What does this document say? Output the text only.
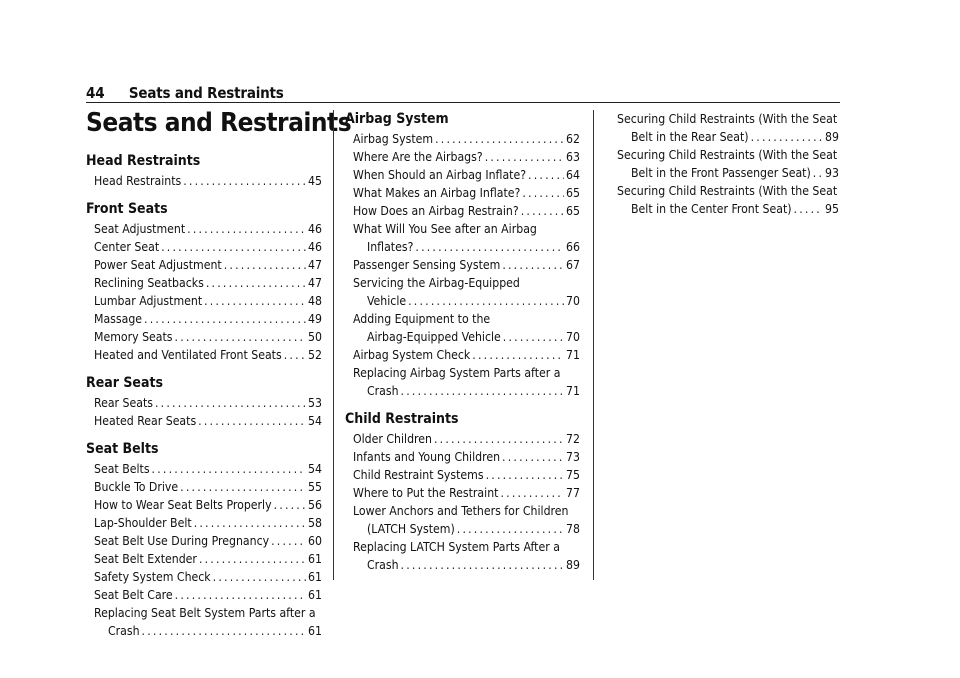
44 Seats and Restraints
Seats and Restraints
Head Restraints
Head Restraints .....	45
Front Seats
Seat Adjustment .....	46
Center Seat .....	46
Power Seat Adjustment .....	47
Reclining Seatbacks .....	47
Lumbar Adjustment .....	48
Massage .....	49
Memory Seats .....	50
Heated and Ventilated Front Seats ..... . 52
Rear Seats
Rear Seats .....	53
Heated Rear Seats .....	54
Seat Belts
Seat Belts .....	54
Buckle To Drive .....	55
How to Wear Seat Belts Properly .....	56
Lap-Shoulder Belt .....	58
Seat Belt Use During Pregnancy .....	60
Seat Belt Extender .....	61
Safety System Check .....	61
Seat Belt Care .....	61
Replacing Seat Belt System Parts after a
Crash .....	61
Airbag System
Airbag System .....	62
Where Are the Airbags? .....	63
When Should an Airbag Inflate? .....	64
What Makes an Airbag Inflate? .....	65
How Does an Airbag Restrain? .....	65
What Will You See after an Airbag
Inflates? .....	66
Passenger Sensing System .....	67
Servicing the Airbag-Equipped
Vehicle .....	70
Adding Equipment to the
Airbag-Equipped Vehicle .....	70
Airbag System Check .....	71
Replacing Airbag System Parts after a
Crash .....	71
Child Restraints
Older Children .....	72
Infants and Young Children .....	73
Child Restraint Systems .....	75
Where to Put the Restraint .....	77
Lower Anchors and Tethers for Children
(LATCH System) .....	78
Replacing LATCH System Parts After a
Crash .....	89
Securing Child Restraints (With the Seat
Belt in the Rear Seat) .....	89
Securing Child Restraints (With the Seat
Belt in the Front Passenger Seat) ..... 93
Securing Child Restraints (With the Seat
Belt in the Center Front Seat) .....	95
